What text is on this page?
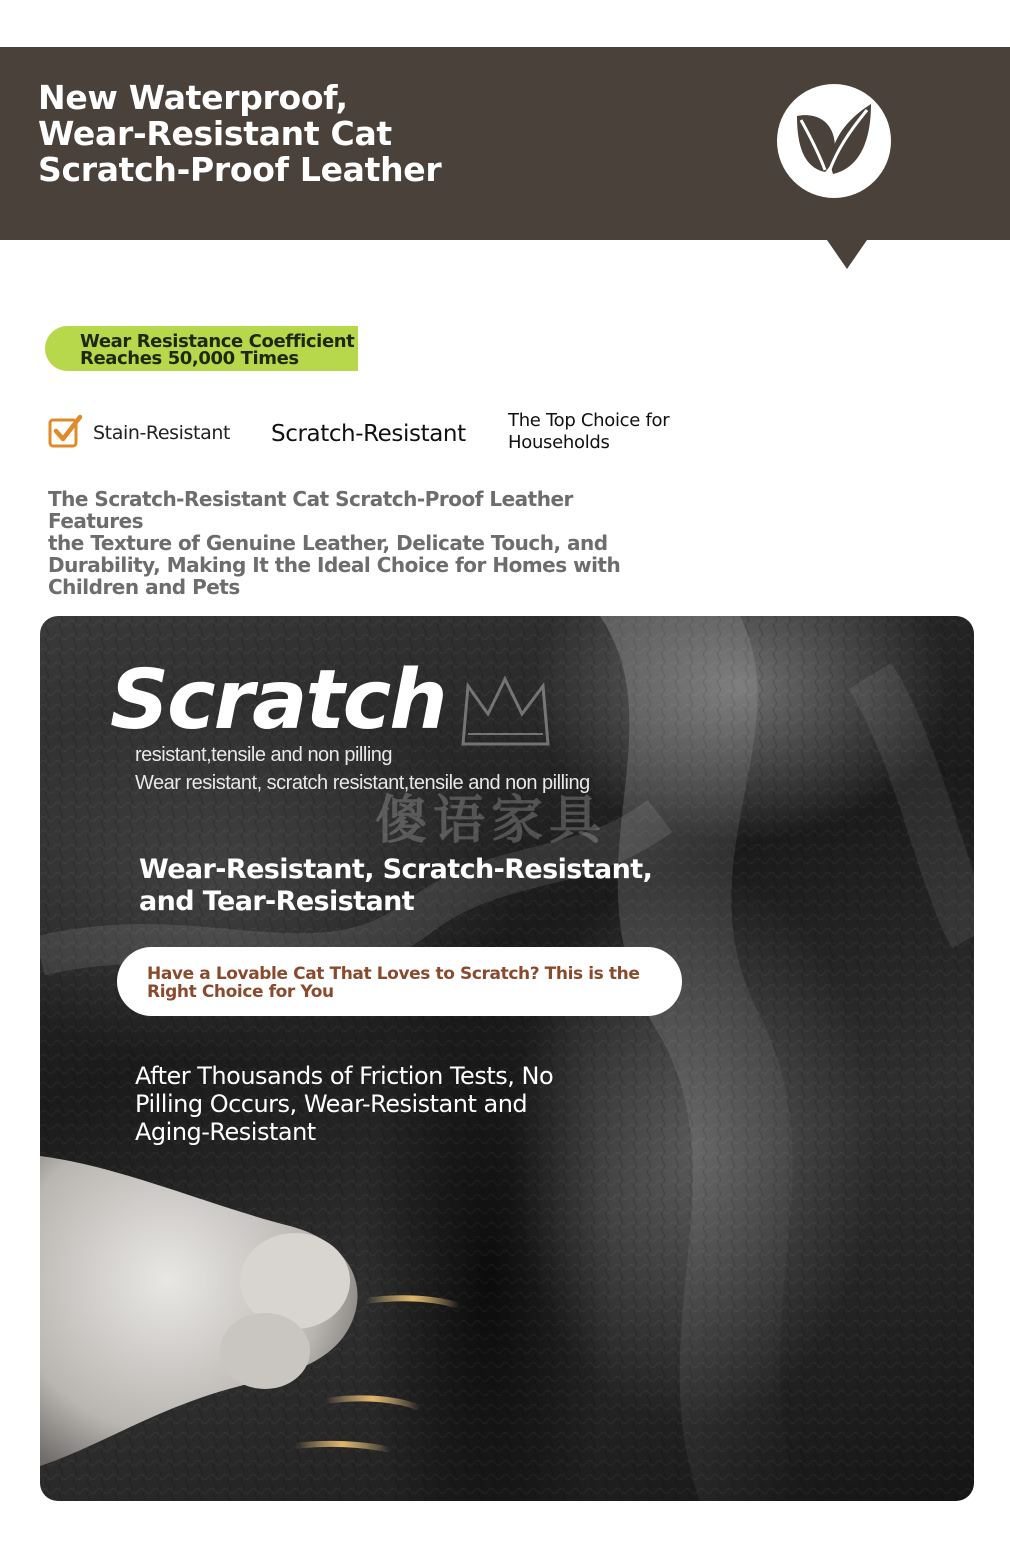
New Waterproof,
Wear-Resistant Cat
Scratch-Proof Leather
Wear Resistance Coefficient
Reaches 50,000 Times
Stain-Resistant Scratch-Resistant
The Top Choice for
Households
The Scratch-Resistant Cat Scratch-Proof Leather Features
the Texture of Genuine Leather, Delicate Touch, and
Durability, Making It the Ideal Choice for Homes with
Children and Pets
Scratch
resistant,tensile and non pilling
Wear resistant, scratch resistant,tensile and non pilling
傻语家具
Wear-Resistant, Scratch-Resistant,
and Tear-Resistant
Have a Lovable Cat That Loves to Scratch? This is the
Right Choice for You
After Thousands of Friction Tests, No
Pilling Occurs, Wear-Resistant and
Aging-Resistant
